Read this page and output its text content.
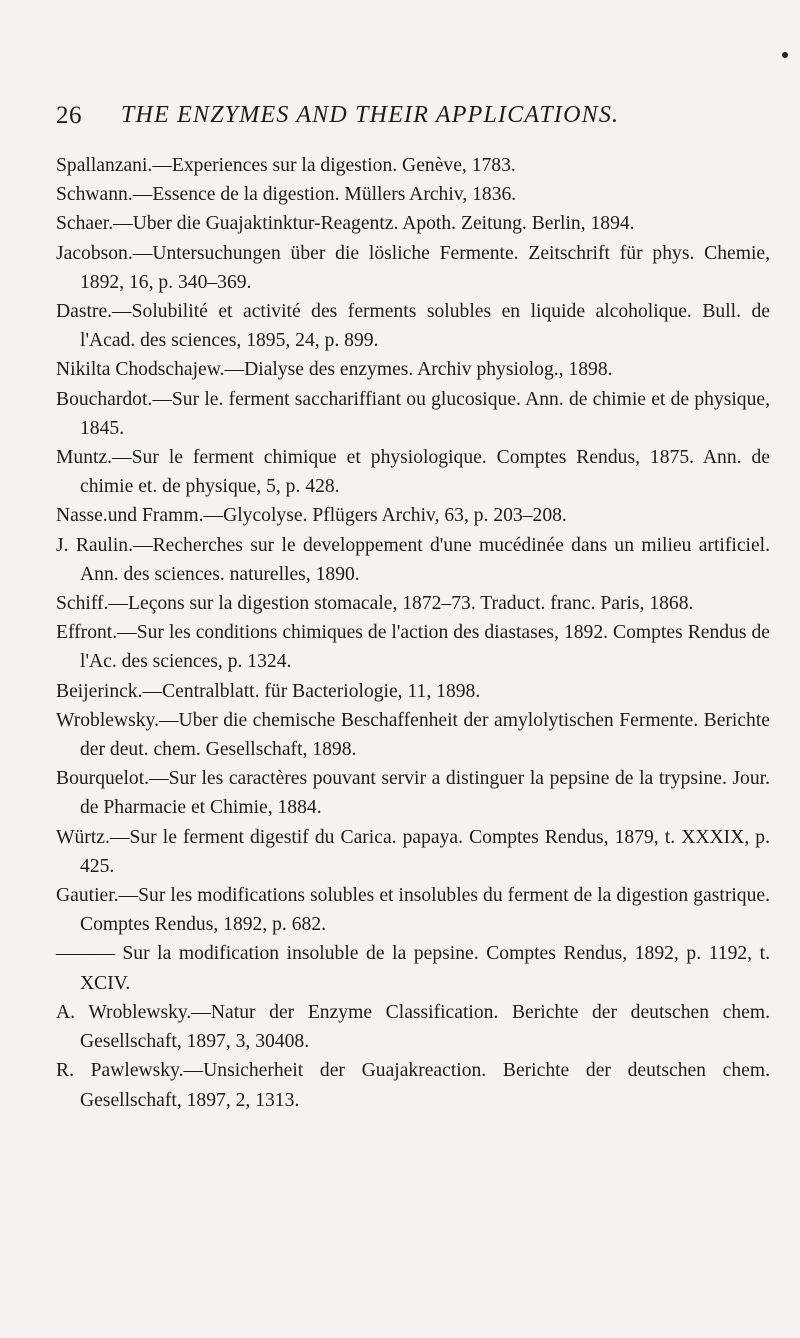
26 THE ENZYMES AND THEIR APPLICATIONS.

Spallanzani.—Experiences sur la digestion. Genève, 1783.

Schwann.—Essence de la digestion. Müllers Archiv, 1836.

Schaer.—Uber die Guajaktinktur-Reagentz. Apoth. Zeitung. Berlin, 1894.

Jacobson.—Untersuchungen über die lösliche Fermente. Zeitschrift für phys. Chemie, 1892, 16, p. 340–369.

Dastre.—Solubilité et activité des ferments solubles en liquide alcoholique. Bull. de l'Acad. des sciences, 1895, 24, p. 899.

Nikilta Chodschajew.—Dialyse des enzymes. Archiv physiolog., 1898.

Bouchardot.—Sur le. ferment sacchariffiant ou glucosique. Ann. de chimie et de physique, 1845.

Muntz.—Sur le ferment chimique et physiologique. Comptes Rendus, 1875. Ann. de chimie et. de physique, 5, p. 428.

Nasse.und Framm.—Glycolyse. Pflügers Archiv, 63, p. 203–208.

J. Raulin.—Recherches sur le developpement d'une mucédinée dans un milieu artificiel. Ann. des sciences. naturelles, 1890.

Schiff.—Leçons sur la digestion stomacale, 1872–73. Traduct. franc. Paris, 1868.

Effront.—Sur les conditions chimiques de l'action des diastases, 1892. Comptes Rendus de l'Ac. des sciences, p. 1324.

Beijerinck.—Centralblatt. für Bacteriologie, 11, 1898.

Wroblewsky.—Uber die chemische Beschaffenheit der amylolytischen Fermente. Berichte der deut. chem. Gesellschaft, 1898.

Bourquelot.—Sur les caractères pouvant servir a distinguer la pepsine de la trypsine. Jour. de Pharmacie et Chimie, 1884.

Würtz.—Sur le ferment digestif du Carica. papaya. Comptes Rendus, 1879, t. XXXIX, p. 425.

Gautier.—Sur les modifications solubles et insolubles du ferment de la digestion gastrique. Comptes Rendus, 1892, p. 682.

——— Sur la modification insoluble de la pepsine. Comptes Rendus, 1892, p. 1192, t. XCIV.

A. Wroblewsky.—Natur der Enzyme Classification. Berichte der deutschen chem. Gesellschaft, 1897, 3, 30408.

R. Pawlewsky.—Unsicherheit der Guajakreaction. Berichte der deutschen chem. Gesellschaft, 1897, 2, 1313.
